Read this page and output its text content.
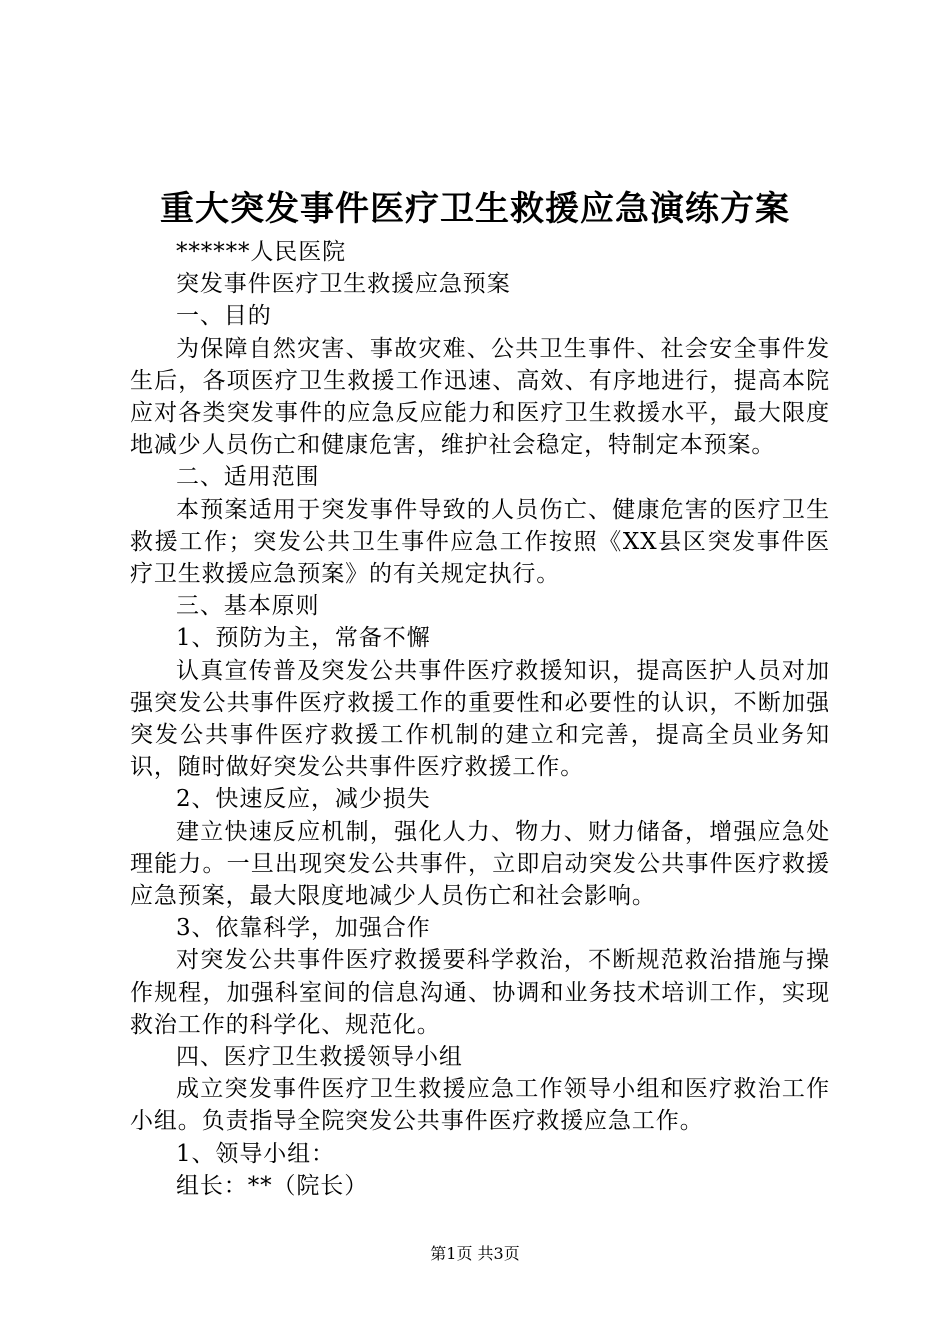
重大突发事件医疗卫生救援应急演练方案

******人民医院

突发事件医疗卫生救援应急预案

一、目的

为保障自然灾害、事故灾难、公共卫生事件、社会安全事件发生后，各项医疗卫生救援工作迅速、高效、有序地进行，提高本院应对各类突发事件的应急反应能力和医疗卫生救援水平，最大限度地减少人员伤亡和健康危害，维护社会稳定，特制定本预案。

二、适用范围

本预案适用于突发事件导致的人员伤亡、健康危害的医疗卫生救援工作；突发公共卫生事件应急工作按照《XX县区突发事件医疗卫生救援应急预案》的有关规定执行。

三、基本原则

1、预防为主，常备不懈

认真宣传普及突发公共事件医疗救援知识，提高医护人员对加强突发公共事件医疗救援工作的重要性和必要性的认识，不断加强突发公共事件医疗救援工作机制的建立和完善，提高全员业务知识，随时做好突发公共事件医疗救援工作。

2、快速反应，减少损失

建立快速反应机制，强化人力、物力、财力储备，增强应急处理能力。一旦出现突发公共事件，立即启动突发公共事件医疗救援应急预案，最大限度地减少人员伤亡和社会影响。

3、依靠科学，加强合作

对突发公共事件医疗救援要科学救治，不断规范救治措施与操作规程，加强科室间的信息沟通、协调和业务技术培训工作，实现救治工作的科学化、规范化。

四、医疗卫生救援领导小组

成立突发事件医疗卫生救援应急工作领导小组和医疗救治工作小组。负责指导全院突发公共事件医疗救援应急工作。

1、领导小组：

组长：**（院长）

第1页 共3页
